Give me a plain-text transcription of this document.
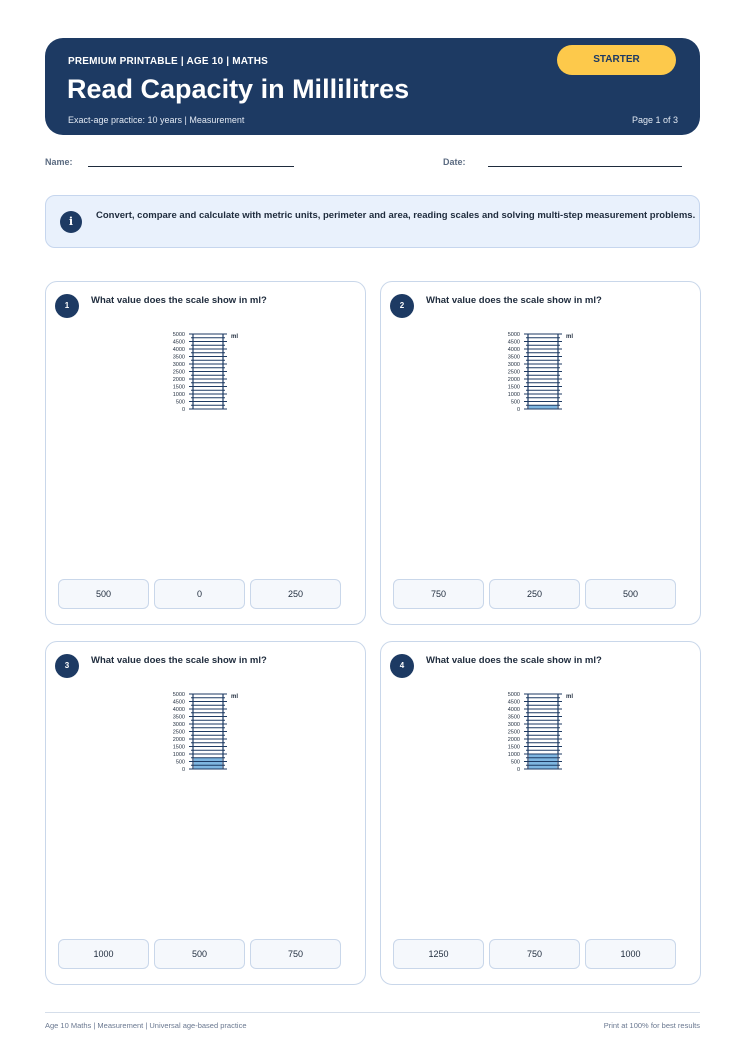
PREMIUM PRINTABLE | AGE 10 | MATHS
Read Capacity in Millilitres
Exact-age practice: 10 years | Measurement	Page 1 of 3
STARTER
Name:	Date:
i	Convert, compare and calculate with metric units, perimeter and area, reading scales and solving multi-step measurement problems.
1	What value does the scale show in ml?
5000
4500
4000
3500
3000
2500
2000
1500
1000
500
0
ml
500	0	250
2	What value does the scale show in ml?
5000
4500
4000
3500
3000
2500
2000
1500
1000
500
0
ml
750	250	500
3	What value does the scale show in ml?
5000
4500
4000
3500
3000
2500
2000
1500
1000
500
0
ml
1000	500	750
4	What value does the scale show in ml?
5000
4500
4000
3500
3000
2500
2000
1500
1000
500
0
ml
1250	750	1000
Age 10 Maths | Measurement | Universal age-based practice	Print at 100% for best results
